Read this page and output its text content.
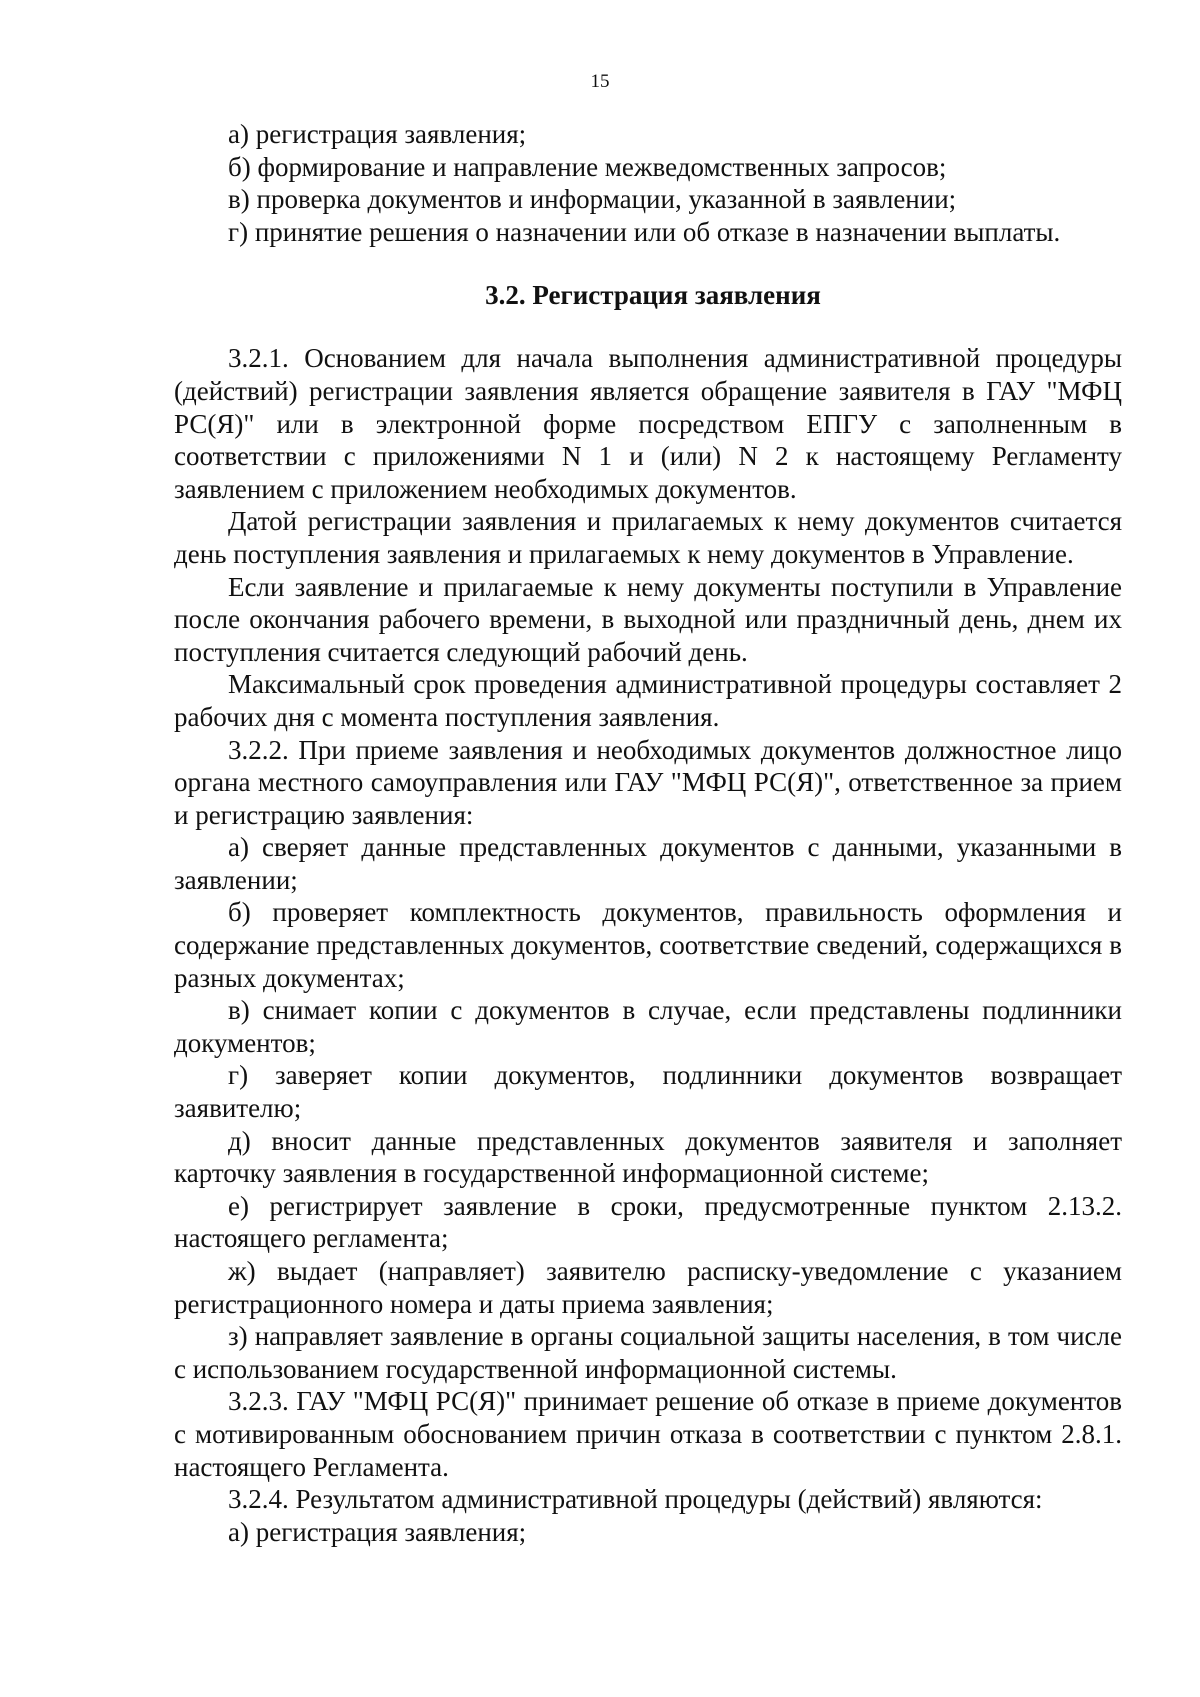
15

а) регистрация заявления;

б) формирование и направление межведомственных запросов;

в) проверка документов и информации, указанной в заявлении;

г) принятие решения о назначении или об отказе в назначении выплаты.

3.2. Регистрация заявления

3.2.1. Основанием для начала выполнения административной процедуры (действий) регистрации заявления является обращение заявителя в ГАУ "МФЦ РС(Я)" или в электронной форме посредством ЕПГУ с заполненным в соответствии с приложениями N 1 и (или) N 2 к настоящему Регламенту заявлением с приложением необходимых документов.

Датой регистрации заявления и прилагаемых к нему документов считается день поступления заявления и прилагаемых к нему документов в Управление.

Если заявление и прилагаемые к нему документы поступили в Управление после окончания рабочего времени, в выходной или праздничный день, днем их поступления считается следующий рабочий день.

Максимальный срок проведения административной процедуры составляет 2 рабочих дня с момента поступления заявления.

3.2.2. При приеме заявления и необходимых документов должностное лицо органа местного самоуправления или ГАУ "МФЦ РС(Я)", ответственное за прием и регистрацию заявления:

а) сверяет данные представленных документов с данными, указанными в заявлении;

б) проверяет комплектность документов, правильность оформления и содержание представленных документов, соответствие сведений, содержащихся в разных документах;

в) снимает копии с документов в случае, если представлены подлинники документов;

г) заверяет копии документов, подлинники документов возвращает заявителю;

д) вносит данные представленных документов заявителя и заполняет карточку заявления в государственной информационной системе;

е) регистрирует заявление в сроки, предусмотренные пунктом 2.13.2. настоящего регламента;

ж) выдает (направляет) заявителю расписку-уведомление с указанием регистрационного номера и даты приема заявления;

з) направляет заявление в органы социальной защиты населения, в том числе с использованием государственной информационной системы.

3.2.3. ГАУ "МФЦ РС(Я)" принимает решение об отказе в приеме документов с мотивированным обоснованием причин отказа в соответствии с пунктом 2.8.1. настоящего Регламента.

3.2.4. Результатом административной процедуры (действий) являются:

а) регистрация заявления;
